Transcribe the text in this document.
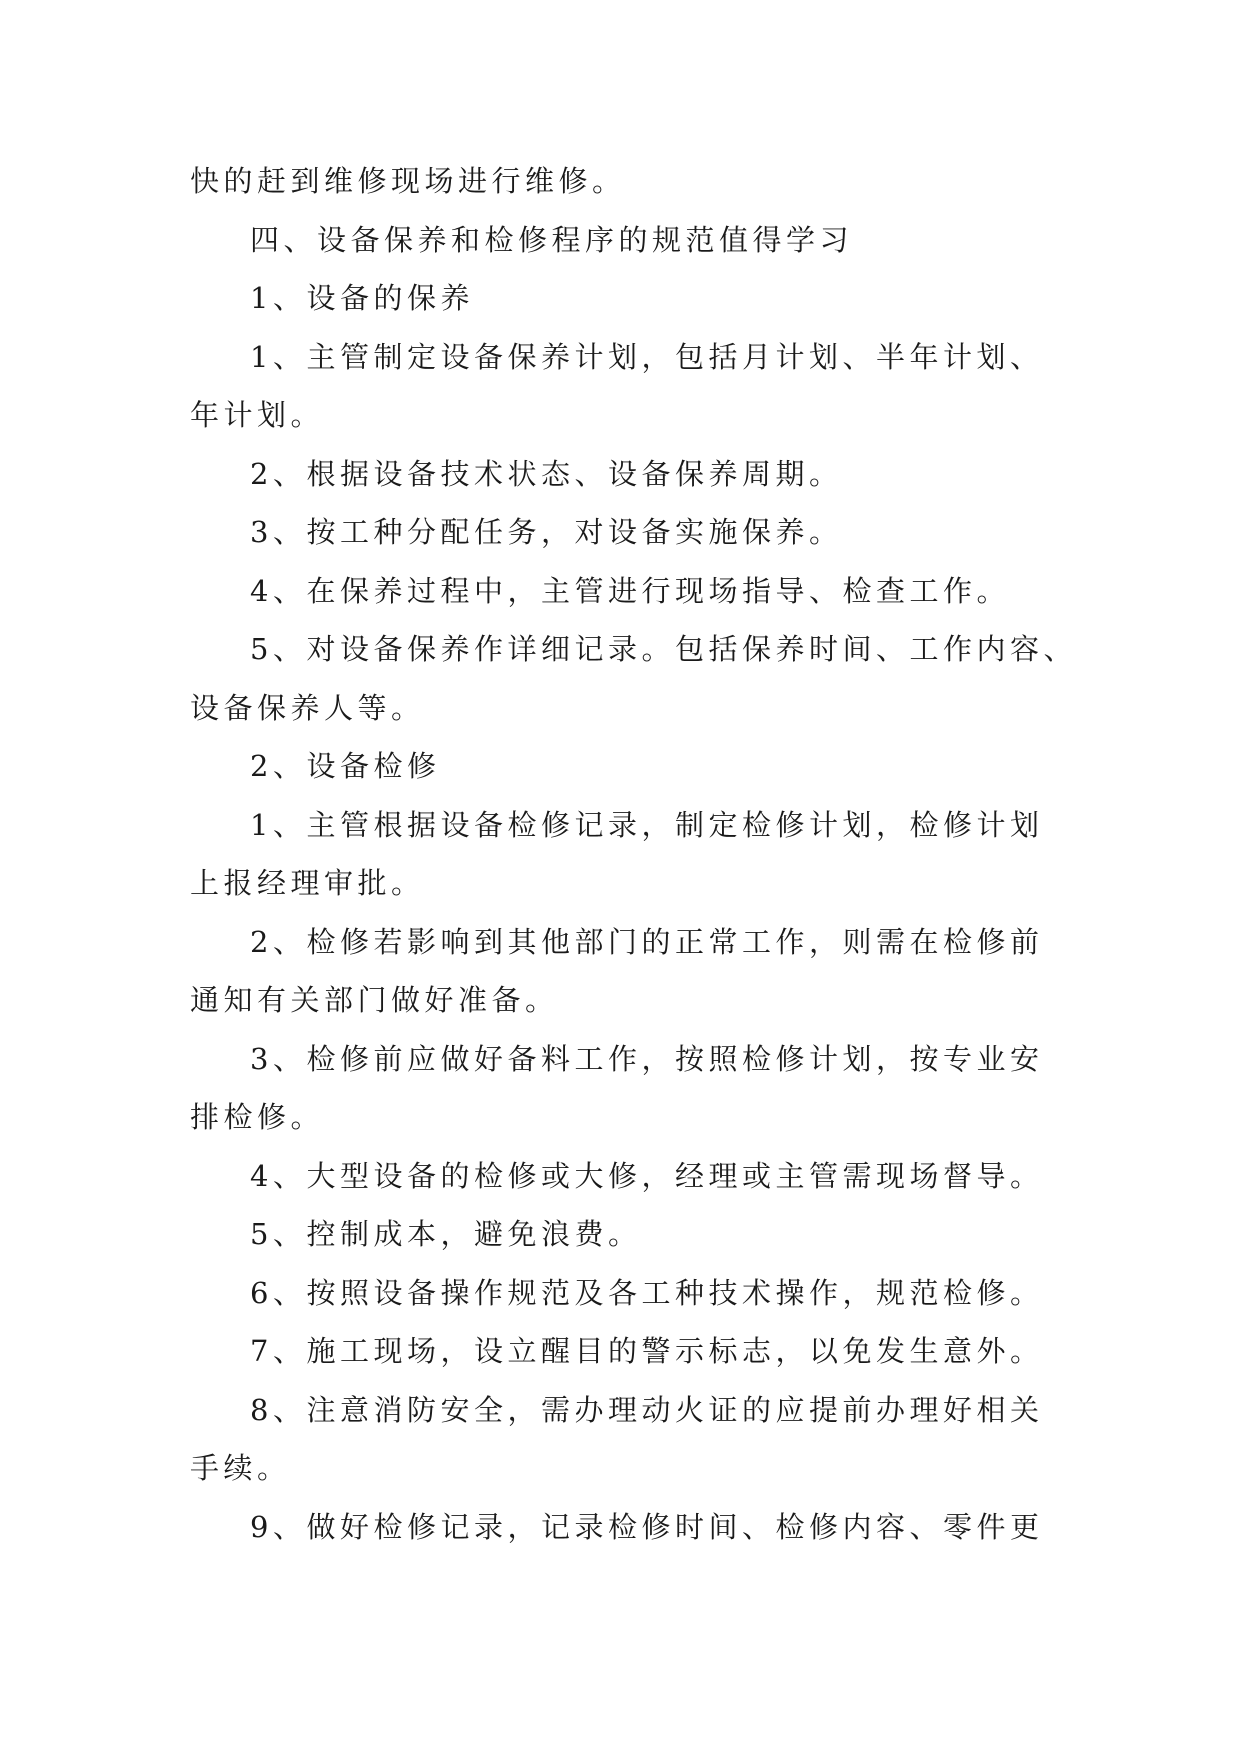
快的赶到维修现场进行维修。
四、设备保养和检修程序的规范值得学习
1、设备的保养
1、主管制定设备保养计划，包括月计划、半年计划、
年计划。
2、根据设备技术状态、设备保养周期。
3、按工种分配任务，对设备实施保养。
4、在保养过程中，主管进行现场指导、检查工作。
5、对设备保养作详细记录。包括保养时间、工作内容、
设备保养人等。
2、设备检修
1、主管根据设备检修记录，制定检修计划，检修计划
上报经理审批。
2、检修若影响到其他部门的正常工作，则需在检修前
通知有关部门做好准备。
3、检修前应做好备料工作，按照检修计划，按专业安
排检修。
4、大型设备的检修或大修，经理或主管需现场督导。
5、控制成本，避免浪费。
6、按照设备操作规范及各工种技术操作，规范检修。
7、施工现场，设立醒目的警示标志，以免发生意外。
8、注意消防安全，需办理动火证的应提前办理好相关
手续。
9、做好检修记录，记录检修时间、检修内容、零件更
